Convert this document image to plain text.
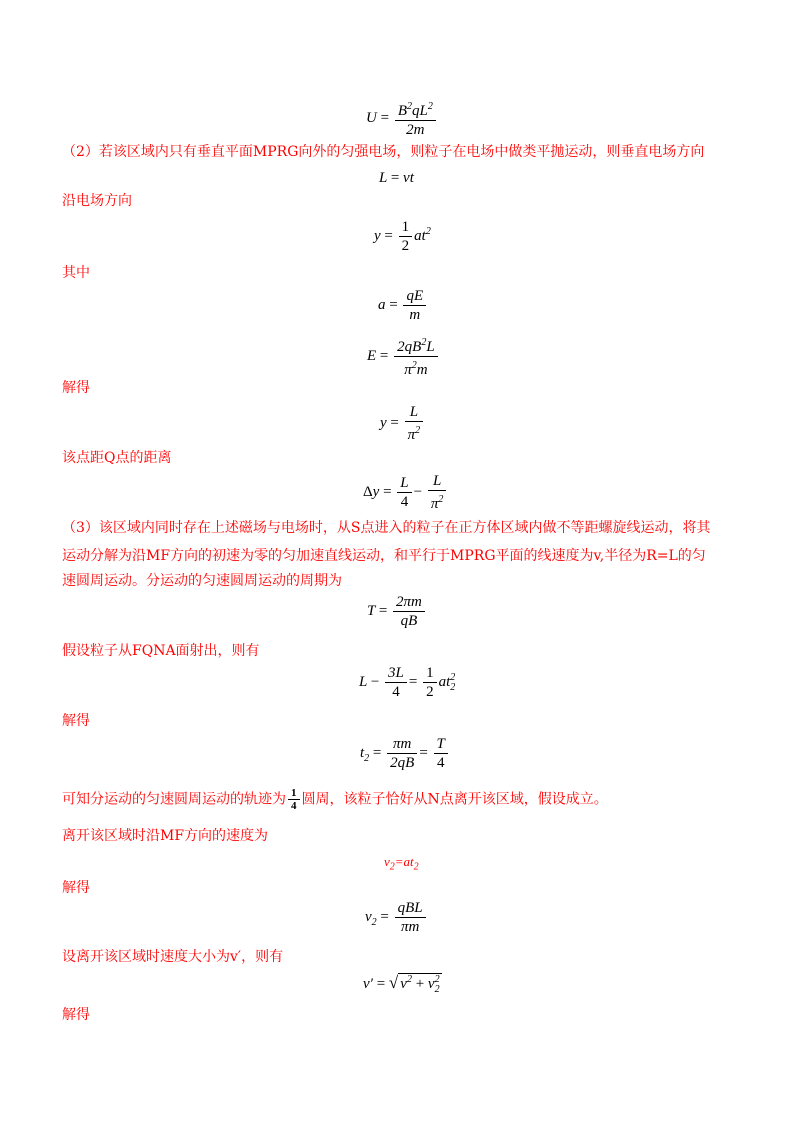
$U = \frac{B^2qL^2}{2m}$
（2）若该区域内只有垂直平面MPRG向外的匀强电场，则粒子在电场中做类平抛运动，则垂直电场方向
L = vt
沿电场方向
$y = \frac{1}{2} at^2$
其中
$a = \frac{qE}{m}$
$E = \frac{2qB^2L}{\pi^2m}$
解得
$y = \frac{L}{\pi^2}$
该点距Q点的距离
$\Delta y = \frac{L}{4} - \frac{L}{\pi^2}$
（3）该区域内同时存在上述磁场与电场时，从S点进入的粒子在正方体区域内做不等距螺旋线运动，将其
运动分解为沿MF方向的初速为零的匀加速直线运动，和平行于MPRG平面的线速度为v,半径为R=L的匀
速圆周运动。分运动的匀速圆周运动的周期为
$T = \frac{2\pi m}{qB}$
假设粒子从FQNA面射出，则有
$L - \frac{3L}{4} = \frac{1}{2} at_2^2$
解得
$t_2 = \frac{\pi m}{2qB} = \frac{T}{4}$
可知分运动的匀速圆周运动的轨迹为 $\frac{1}{4}$ 圆周，该粒子恰好从N点离开该区域，假设成立。
离开该区域时沿MF方向的速度为
$v_2=at_2$
解得
$v_2 = \frac{\text{qBL}}{\pi m}$
设离开该区域时速度大小为v′，则有
v′ = √ $v^2 + v_2^2$
解得
